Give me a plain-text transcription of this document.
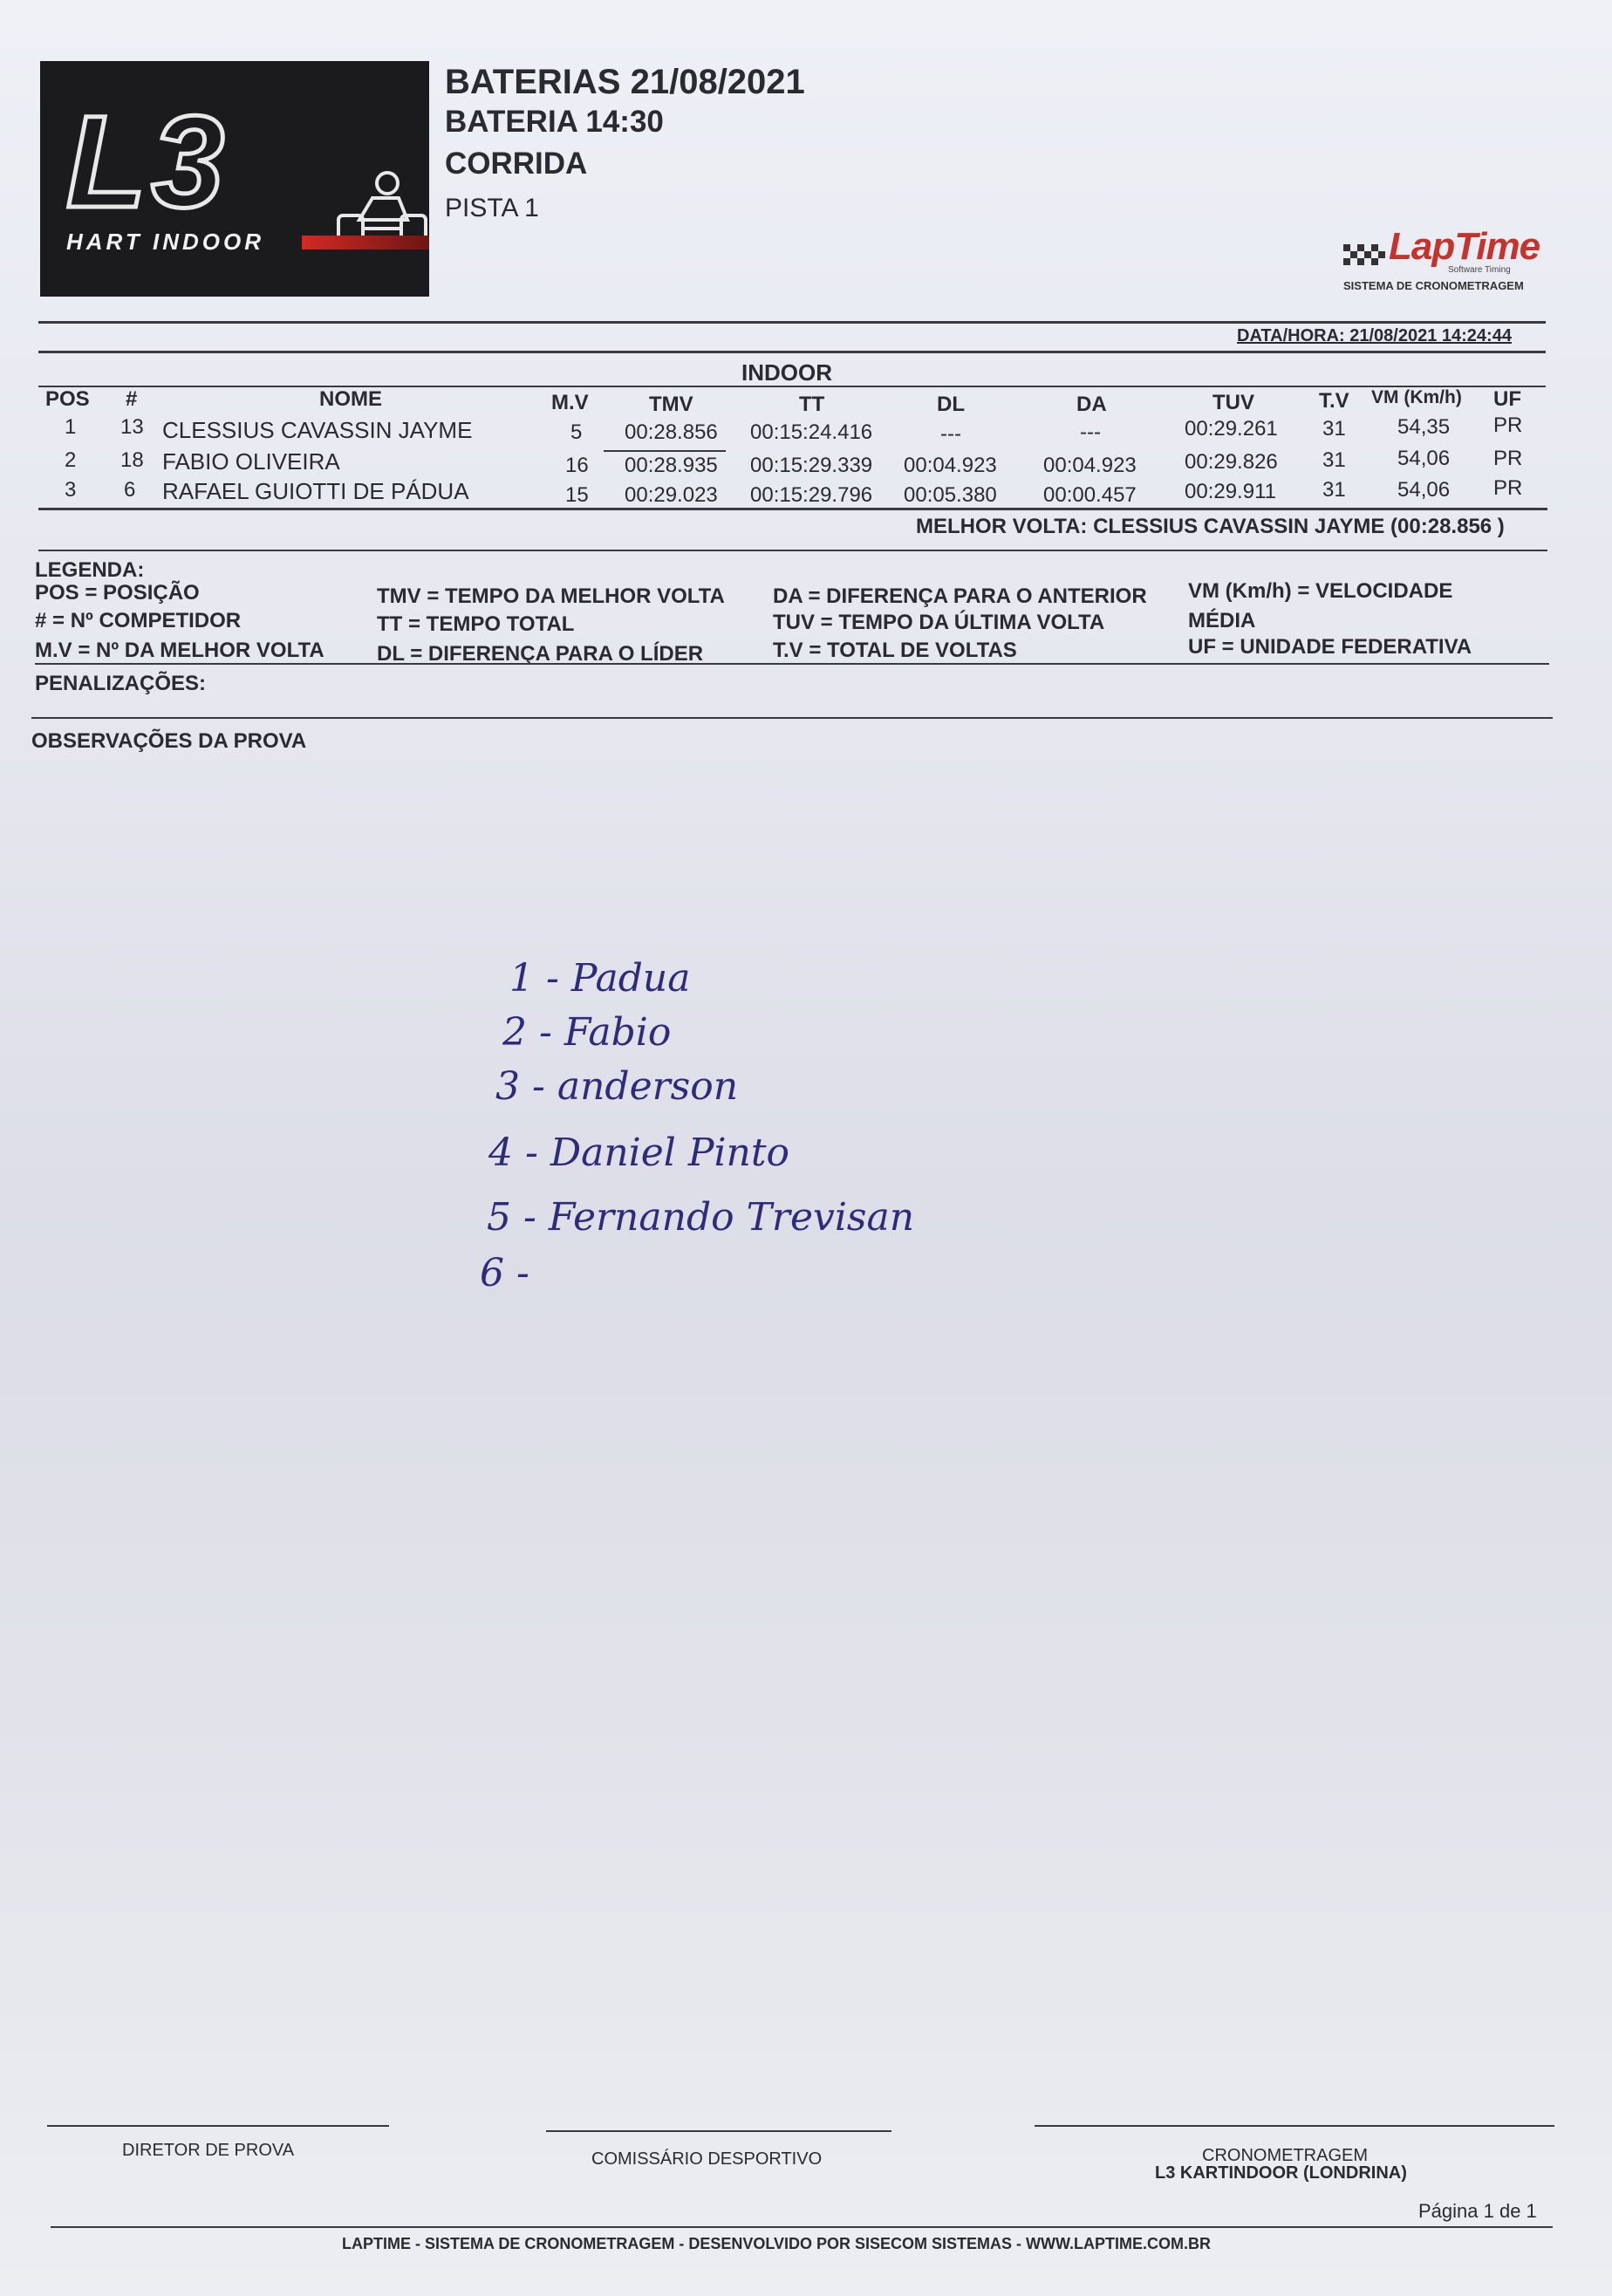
L3
HART INDOOR
BATERIAS 21/08/2021
BATERIA 14:30
CORRIDA
PISTA 1
LapTime
Software Timing
SISTEMA DE CRONOMETRAGEM
DATA/HORA: 21/08/2021 14:24:44
INDOOR
POS #	NOME	M.V	TMV	TT	DL	DA	TUV	T.V VM (Km/h) UF
1 13 CLESSIUS CAVASSIN JAYME	5 00:28.856 00:15:24.416	---	---	00:29.261 31 54,35 PR
2 18 FABIO OLIVEIRA	16 00:28.935 00:15:29.339 00:04.923 00:04.923 00:29.826 31 54,06 PR
3 6 RAFAEL GUIOTTI DE PÁDUA	15 00:29.023 00:15:29.796 00:05.380 00:00.457 00:29.911 31 54,06 PR
MELHOR VOLTA: CLESSIUS CAVASSIN JAYME (00:28.856 )
LEGENDA:
POS = POSIÇÃO
# = Nº COMPETIDOR
M.V = Nº DA MELHOR VOLTA
TMV = TEMPO DA MELHOR VOLTA
TT = TEMPO TOTAL
DL = DIFERENÇA PARA O LÍDER
DA = DIFERENÇA PARA O ANTERIOR
TUV = TEMPO DA ÚLTIMA VOLTA
T.V = TOTAL DE VOLTAS
VM (Km/h) = VELOCIDADE
MÉDIA
UF = UNIDADE FEDERATIVA
PENALIZAÇÕES:
OBSERVAÇÕES DA PROVA
1 - Padua
2 - Fabio
3 - anderson
4 - Daniel Pinto
5 - Fernando Trevisan
6 -
DIRETOR DE PROVA	COMISSÁRIO DESPORTIVO	CRONOMETRAGEM
L3 KARTINDOOR (LONDRINA)
Página 1 de 1
LAPTIME - SISTEMA DE CRONOMETRAGEM - DESENVOLVIDO POR SISECOM SISTEMAS - WWW.LAPTIME.COM.BR
